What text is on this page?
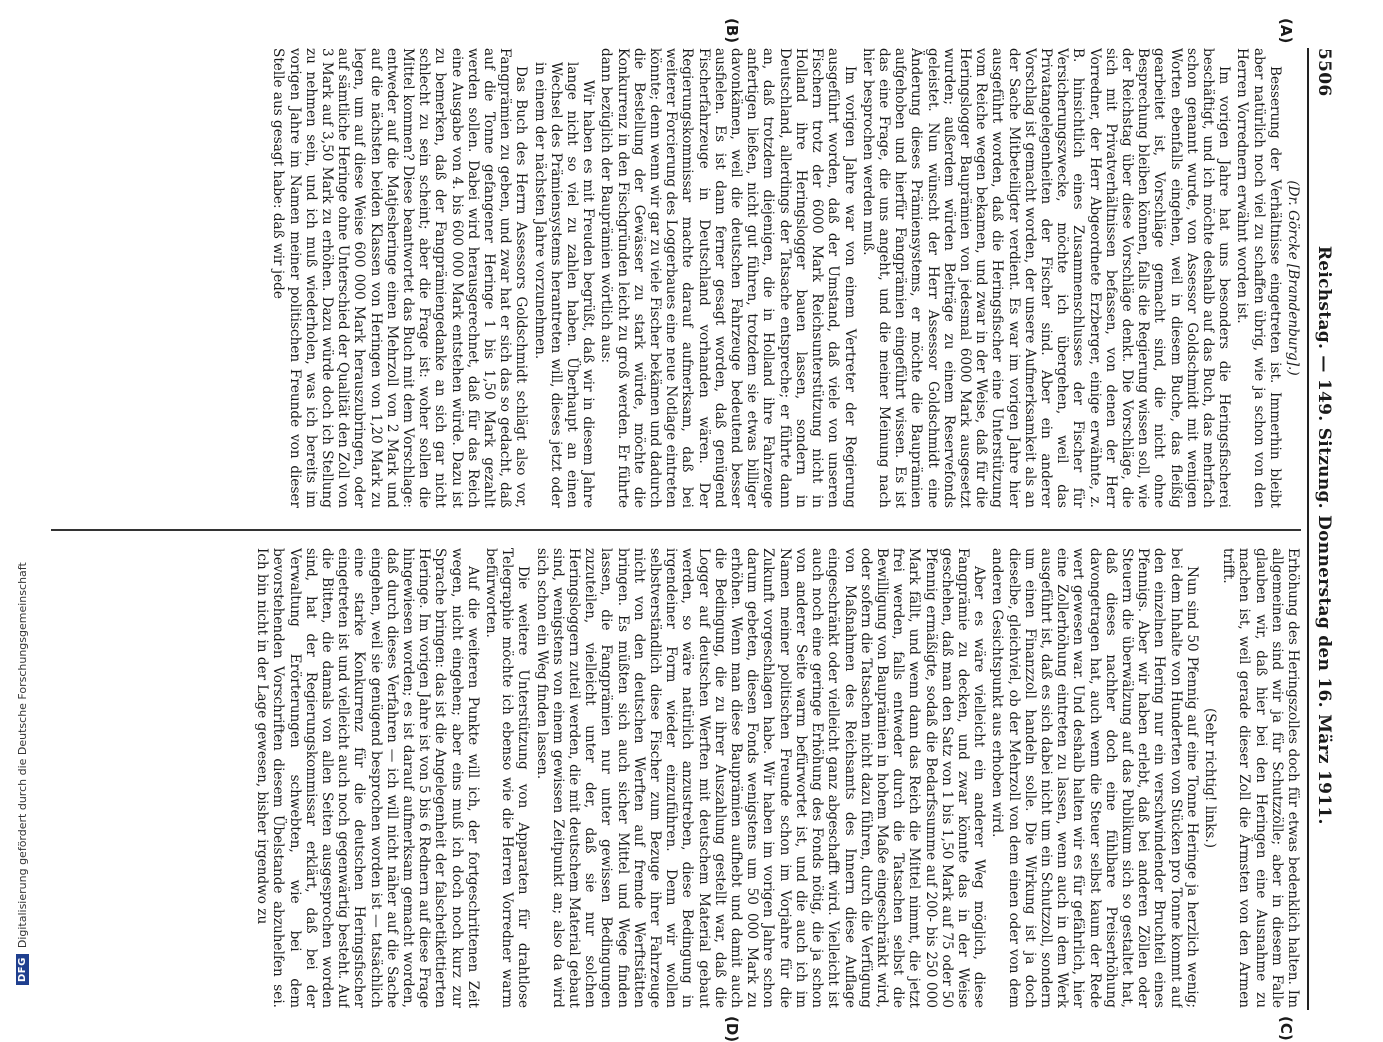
5506
Reichstag. — 149. Sitzung. Donnerstag den 16. März 1911.
(A)
(B)
(C)
(D)

(Dr. Görcke [Brandenburg].)

Besserung der Verhältnisse eingetreten ist. Immerhin bleibt aber natürlich noch viel zu schaffen übrig, wie ja schon von den Herren Vorrednern erwähnt worden ist.

Im vorigen Jahre hat uns besonders die Heringsfischerei beschäftigt, und ich möchte deshalb auf das Buch, das mehrfach schon genannt wurde, von Assessor Goldschmidt mit wenigen Worten ebenfalls eingehen, weil in diesem Buche, das fleißig gearbeitet ist, Vorschläge gemacht sind, die nicht ohne Besprechung bleiben können, falls die Regierung wissen soll, wie der Reichstag über diese Vorschläge denkt. Die Vorschläge, die sich mit Privatverhältnissen befassen, von denen der Herr Vorredner, der Herr Abgeordnete Erzberger, einige erwähnte, z. B. hinsichtlich eines Zusammenschlusses der Fischer für Versicherungszwecke, möchte ich übergehen, weil das Privatangelegenheiten der Fischer sind. Aber ein anderer Vorschlag ist gemacht worden, der unsere Aufmerksamkeit als an der Sache Mitbeteiligter verdient. Es war im vorigen Jahre hier ausgeführt worden, daß die Heringsfischer eine Unterstützung vom Reiche wegen bekamen, und zwar in der Weise, daß für die Heringslogger Bauprämien von jedesmal 6000 Mark ausgesetzt wurden; außerdem würden Beiträge zu einem Reservefonds geleistet. Nun wünscht der Herr Assessor Goldschmidt eine Änderung dieses Prämiensystems, er möchte die Bauprämien aufgehoben und hierfür Fangprämien eingeführt wissen. Es ist das eine Frage, die uns angeht, und die meiner Meinung nach hier besprochen werden muß.

Im vorigen Jahre war von einem Vertreter der Regierung ausgeführt worden, daß der Umstand, daß viele von unseren Fischern trotz der 6000 Mark Reichsunterstützung nicht in Holland ihre Heringslogger bauen lassen, sondern in Deutschland, allerdings der Tatsache entspreche; er führte dann an, daß trotzdem diejenigen, die in Holland ihre Fahrzeuge anfertigen ließen, nicht gut führen, trotzdem sie etwas billiger davonkämen, weil die deutschen Fahrzeuge bedeutend besser ausfielen. Es ist dann ferner gesagt worden, daß genügend Fischerfahrzeuge in Deutschland vorhanden wären. Der Regierungskommissar machte darauf aufmerksam, daß bei weiterer Forcierung des Loggerbaues eine neue Notlage eintreten könnte; denn wenn wir gar zu viele Fischer bekämen und dadurch die Bestellung der Gewässer zu stark würde, möchte die Konkurrenz in den Fischgründen leicht zu groß werden. Er führte dann bezüglich der Bauprämien wörtlich aus:

Wir haben es mit Freuden begrüßt, daß wir in diesem Jahre lange nicht so viel zu zahlen haben. Überhaupt an einen Wechsel des Prämiensystems herantreten will, dieses jetzt oder in einem der nächsten Jahre vorzunehmen.

Das Buch des Herrn Assessors Goldschmidt schlägt also vor, Fangprämien zu geben, und zwar hat er sich das so gedacht, daß auf die Tonne gefangener Heringe 1 bis 1,50 Mark gezahlt werden sollen. Dabei wird herausgerechnet, daß für das Reich eine Ausgabe von 4. bis 600 000 Mark entstehen würde. Dazu ist zu bemerken, daß der Fangprämiengedanke an sich gar nicht schlecht zu sein scheint; aber die Frage ist: woher sollen die Mittel kommen? Diese beantwortet das Buch mit dem Vorschlage: entweder auf die Matjesheringe einen Mehrzoll von 2 Mark und auf die nächsten beiden Klassen von Heringen von 1,20 Mark zu legen, um auf diese Weise 600 000 Mark herauszubringen, oder auf sämtliche Heringe ohne Unterschied der Qualität den Zoll von 3 Mark auf 3,50 Mark zu erhöhen. Dazu würde doch ich Stellung zu nehmen sein, und ich muß wiederholen, was ich bereits im vorigen Jahre im Namen meiner politischen Freunde von dieser Stelle aus gesagt habe: daß wir jede

Erhöhung des Heringszolles doch für etwas bedenklich halten. Im allgemeinen sind wir ja für Schutzzölle; aber in diesem Falle glauben wir, daß hier bei den Heringen eine Ausnahme zu machen ist, weil gerade dieser Zoll die Ärmsten von den Armen trifft.

(Sehr richtig! links.)

Nun sind 50 Pfennig auf eine Tonne Heringe ja herzlich wenig; bei dem Inhalte von Hunderten von Stücken pro Tonne kommt auf den einzelnen Hering nur ein verschwindender Bruchteil eines Pfennigs. Aber wir haben erlebt, daß bei anderen Zöllen oder Steuern die überwälzung auf das Publikum sich so gestaltet hat, daß dieses nachher doch eine fühlbare Preiserhöhung davongetragen hat, auch wenn die Steuer selbst kaum der Rede wert gewesen war. Und deshalb halten wir es für gefährlich, hier eine Zollerhöhung eintreten zu lassen, wenn auch in dem Werk ausgeführt ist, daß es sich dabei nicht um ein Schutzzoll, sondern um einen Finanzzoll handeln solle. Die Wirkung ist ja doch dieselbe, gleichviel, ob der Mehrzoll von dem einen oder von dem anderen Gesichtspunkt aus erhoben wird.

Aber es wäre vielleicht ein anderer Weg möglich, diese Fangprämie zu decken, und zwar könnte das in der Weise geschehen, daß man den Satz von 1 bis 1,50 Mark auf 75 oder 50 Pfennig ermäßigte, sodaß die Bedarfssumme auf 200- bis 250 000 Mark fällt, und wenn dann das Reich die Mittel nimmt, die jetzt frei werden, falls entweder durch die Tatsachen selbst die Bewilligung von Bauprämien in hohem Maße eingeschränkt wird, oder sofern die Tatsachen nicht dazu führen, durch die Verfügung von Maßnahmen des Reichsamts des Innern diese Auflage eingeschränkt oder vielleicht ganz abgeschafft wird. Vielleicht ist auch noch eine geringe Erhöhung des Fonds nötig, die ja schon von anderer Seite warm befürwortet ist, und die auch ich im Namen meiner politischen Freunde schon im Vorjahre für die Zukunft vorgeschlagen habe. Wir haben im vorigen Jahre schon darum gebeten, diesen Fonds wenigstens um 50 000 Mark zu erhöhen. Wenn man diese Bauprämien aufhebt und damit auch die Bedingung, die zu ihrer Auszahlung gestellt war, daß die Logger auf deutschen Werften mit deutschem Material gebaut werden, so wäre natürlich anzustreben, diese Bedingung in irgendeiner Form wieder einzuführen. Denn wir wollen selbstverständlich diese Fischer zum Bezuge ihrer Fahrzeuge nicht von den deutschen Werften auf fremde Werftstätten bringen. Es müßten sich auch sicher Mittel und Wege finden lassen, die Fangprämien nur unter gewissen Bedingungen zuzuteilen, vielleicht unter der, daß sie nur solchen Heringsloggern zuteil werden, die mit deutschem Material gebaut sind, wenigstens von einem gewissen Zeitpunkt an; also da wird sich schon ein Weg finden lassen.

Die weitere Unterstützung von Apparaten für drahtlose Telegraphie möchte ich ebenso wie die Herren Vorredner warm befürworten.

Auf die weiteren Punkte will ich, der fortgeschrittenen Zeit wegen, nicht eingehen; aber eins muß ich doch noch kurz zur Sprache bringen: das ist die Angelegenheit der falschetikettierten Heringe. Im vorigen Jahre ist von 5 bis 6 Rednern auf diese Frage hingewiesen worden; es ist darauf aufmerksam gemacht worden, daß durch dieses Verfahren — ich will nicht näher auf die Sache eingehen, weil sie genügend besprochen worden ist — tatsächlich eine starke Konkurrenz für die deutschen Heringsfischer eingetreten ist und vielleicht auch noch gegenwärtig besteht. Auf die Bitten, die damals von allen Seiten ausgesprochen worden sind, hat der Regierungskommissar erklärt, daß bei der Verwaltung Erörterungen schwebten, wie bei dem bevorstehenden Vorschriften diesem Übelstande abzuhelfen sei. Ich bin nicht in der Lage gewesen, bisher irgendwo zu

DFG
Digitalisierung gefördert durch die Deutsche Forschungsgemeinschaft
